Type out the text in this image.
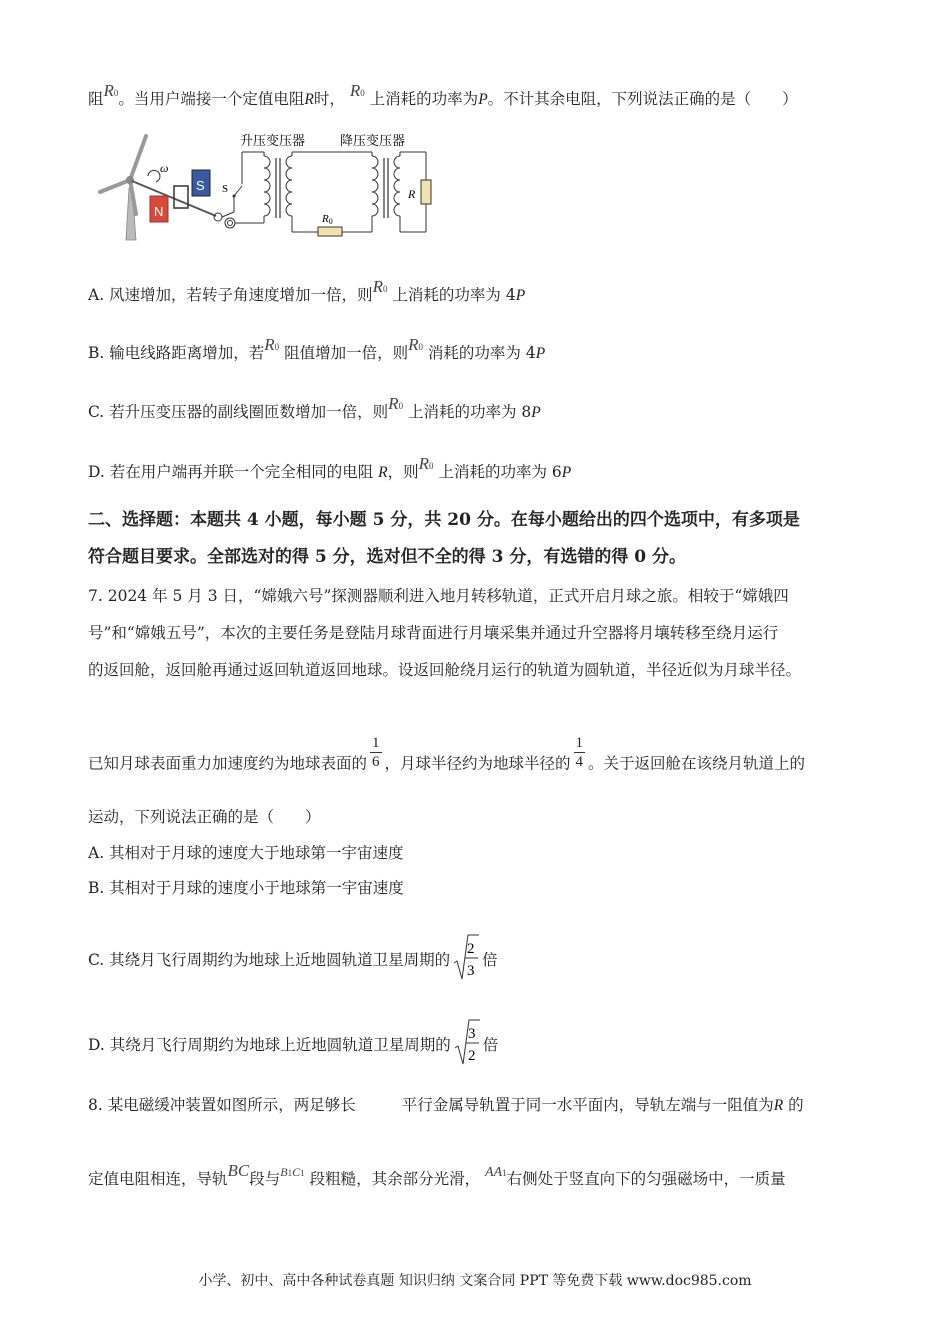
阻R0。当用户端接一个定值电阻R时， R0 上消耗的功率为P。不计其余电阻，下列说法正确的是（　　）
ω
N
S S
R0
R
升压变压器	降压变压器
A. 风速增加，若转子角速度增加一倍，则R0 上消耗的功率为 4P
B. 输电线路距离增加，若R0 阻值增加一倍，则R0 消耗的功率为 4P
C. 若升压变压器的副线圈匝数增加一倍，则R0 上消耗的功率为 8P
D. 若在用户端再并联一个完全相同的电阻 R，则R0 上消耗的功率为 6P
二、选择题：本题共 4 小题，每小题 5 分，共 20 分。在每小题给出的四个选项中，有多项是
符合题目要求。全部选对的得 5 分，选对但不全的得 3 分，有选错的得 0 分。
7. 2024 年 5 月 3 日，“嫦娥六号”探测器顺利进入地月转移轨道，正式开启月球之旅。相较于“嫦娥四
号”和“嫦娥五号”，本次的主要任务是登陆月球背面进行月壤采集并通过升空器将月壤转移至绕月运行
的返回舱，返回舱再通过返回轨道返回地球。设返回舱绕月运行的轨道为圆轨道，半径近似为月球半径。
已知月球表面重力加速度约为地球表面的 $\frac{1}{6}$ ，月球半径约为地球半径的 $\frac{1}{4}$ 。关于返回舱在该绕月轨道上的
运动，下列说法正确的是（　　）
A. 其相对于月球的速度大于地球第一宇宙速度
B. 其相对于月球的速度小于地球第一宇宙速度
C. 其绕月飞行周期约为地球上近地圆轨道卫星周期的
2
3
倍
D. 其绕月飞行周期约为地球上近地圆轨道卫星周期的
3
2
倍
8. 某电磁缓冲装置如图所示，两足够长	平行金属导轨置于同一水平面内，导轨左端与一阻值为R 的
定值电阻相连，导轨BC段与$^{B1C1}$ 段粗糙，其余部分光滑， AA1右侧处于竖直向下的匀强磁场中，一质量
小学、初中、高中各种试卷真题 知识归纳 文案合同 PPT 等免费下载 www.doc985.com
